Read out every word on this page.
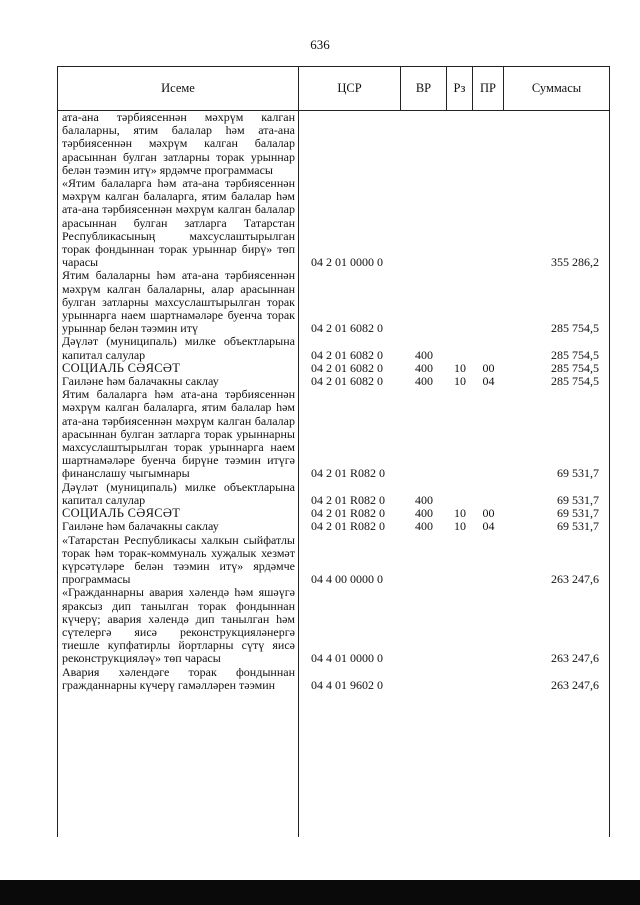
636
Исеме	ЦСР	ВР	Рз	ПР	Суммасы
ата-ана тәрбиясеннән мәхрүм калган балаларны, ятим балалар һәм ата-ана тәрбиясеннән мәхрүм калган балалар арасыннан булган затларны торак урыннар белән тәэмин итү» ярдәмче программасы
«Ятим балаларга һәм ата-ана тәрбиясеннән мәхрүм калган балаларга, ятим балалар һәм ата-ана тәрбиясеннән мәхрүм калган балалар арасыннан булган затларга Татарстан Республикасының махсуслаштырылган торак фондыннан торак урыннар бирү» төп чарасы	04 2 01 0000 0	355 286,2
Ятим балаларны һәм ата-ана тәрбиясеннән мәхрүм калган балаларны, алар арасыннан булган затларны махсуслаштырылган торак урыннарга наем шартнамәләре буенча торак урыннар белән тәэмин итү	04 2 01 6082 0	285 754,5
Дәүләт (муниципаль) милке объектларына капитал салулар	04 2 01 6082 0	400	285 754,5
СОЦИАЛЬ СӘЯСӘТ	04 2 01 6082 0	400	10	00	285 754,5
Гаиләне һәм балачакны саклау	04 2 01 6082 0	400	10	04	285 754,5
Ятим балаларга һәм ата-ана тәрбиясеннән мәхрүм калган балаларга, ятим балалар һәм ата-ана тәрбиясеннән мәхрүм калган балалар арасыннан булган затларга торак урыннарны махсуслаштырылган торак урыннарга наем шартнамәләре буенча бирүне тәэмин итүгә финанслашу чыгымнары	04 2 01 R082 0	69 531,7
Дәүләт (муниципаль) милке объектларына капитал салулар	04 2 01 R082 0	400	69 531,7
СОЦИАЛЬ СӘЯСӘТ	04 2 01 R082 0	400	10	00	69 531,7
Гаиләне һәм балачакны саклау	04 2 01 R082 0	400	10	04	69 531,7
«Татарстан Республикасы халкын сыйфатлы торак һәм торак-коммуналь хуҗалык хезмәт күрсәтүләре белән тәэмин итү» ярдәмче программасы	04 4 00 0000 0	263 247,6
«Гражданнарны авария хәлендә һәм яшәүгә яраксыз дип танылган торак фондыннан күчерү; авария хәлендә дип танылган һәм сүтелергә яисә реконструкцияләнергә тиешле купфатирлы йортларны сүтү яисә реконструкцияләү» төп чарасы	04 4 01 0000 0	263 247,6
Авария хәлендәге торак фондыннан гражданнарны күчерү гамәлләрен тәэмин	04 4 01 9602 0	263 247,6
